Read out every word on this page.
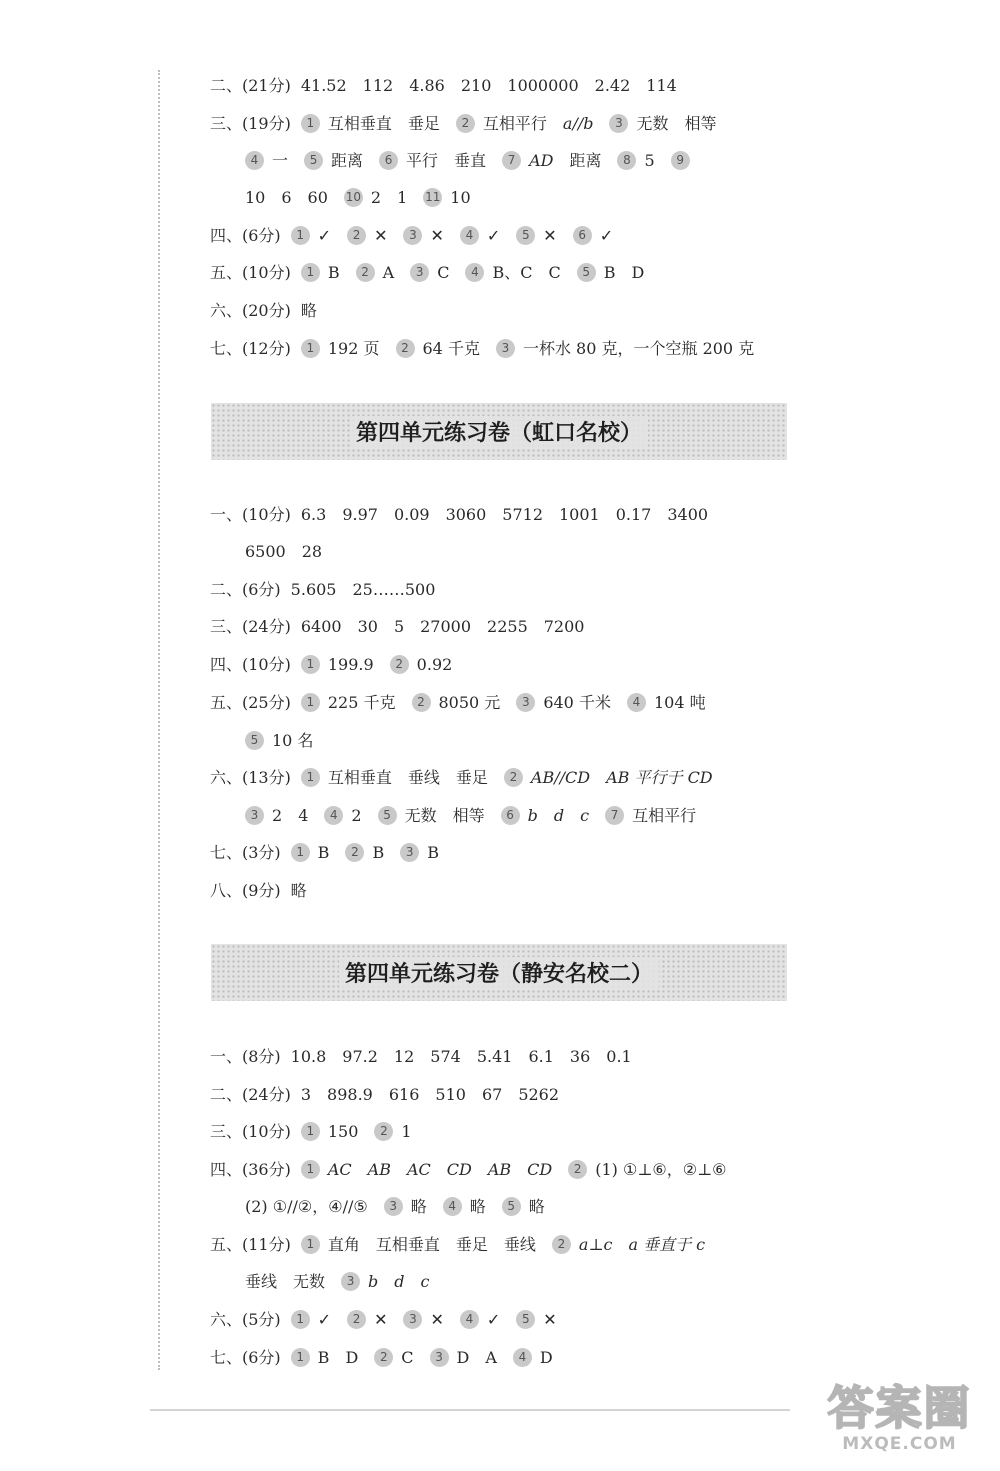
二、(21分) 41.52 112 4.86 210 1000000 2.42 114
三、(19分) 1 互相垂直 垂足 2 互相平行 a//b 3 无数 相等
4 一 5 距离 6 平行 垂直 7 AD 距离 8 5 9
10 6 60 10 2 1 11 10
四、(6分) 1 ✓ 2 ✕ 3 ✕ 4 ✓ 5 ✕ 6 ✓
五、(10分) 1 B 2 A 3 C 4 B、C C 5 B D
六、(20分) 略
七、(12分) 1 192 页 2 64 千克 3 一杯水 80 克，一个空瓶 200 克
第四单元练习卷（虹口名校）
一、(10分) 6.3 9.97 0.09 3060 5712 1001 0.17 3400
6500 28
二、(6分) 5.605 25……500
三、(24分) 6400 30 5 27000 2255 7200
四、(10分) 1 199.9 2 0.92
五、(25分) 1 225 千克 2 8050 元 3 640 千米 4 104 吨
5 10 名
六、(13分) 1 互相垂直 垂线 垂足 2 AB//CD AB 平行于 CD
3 2 4 4 2 5 无数 相等 6 b d c 7 互相平行
七、(3分) 1 B 2 B 3 B
八、(9分) 略
第四单元练习卷（静安名校二）
一、(8分) 10.8 97.2 12 574 5.41 6.1 36 0.1
二、(24分) 3 898.9 616 510 67 5262
三、(10分) 1 150 2 1
四、(36分) 1 AC AB AC CD AB CD 2 (1) ①⊥⑥，②⊥⑥
(2) ①//②，④//⑤ 3 略 4 略 5 略
五、(11分) 1 直角 互相垂直 垂足 垂线 2 a⊥c a 垂直于 c
垂线 无数 3 b d c
六、(5分) 1 ✓ 2 ✕ 3 ✕ 4 ✓ 5 ✕
七、(6分) 1 B D 2 C 3 D A 4 D
答案圈
MXQE.COM
